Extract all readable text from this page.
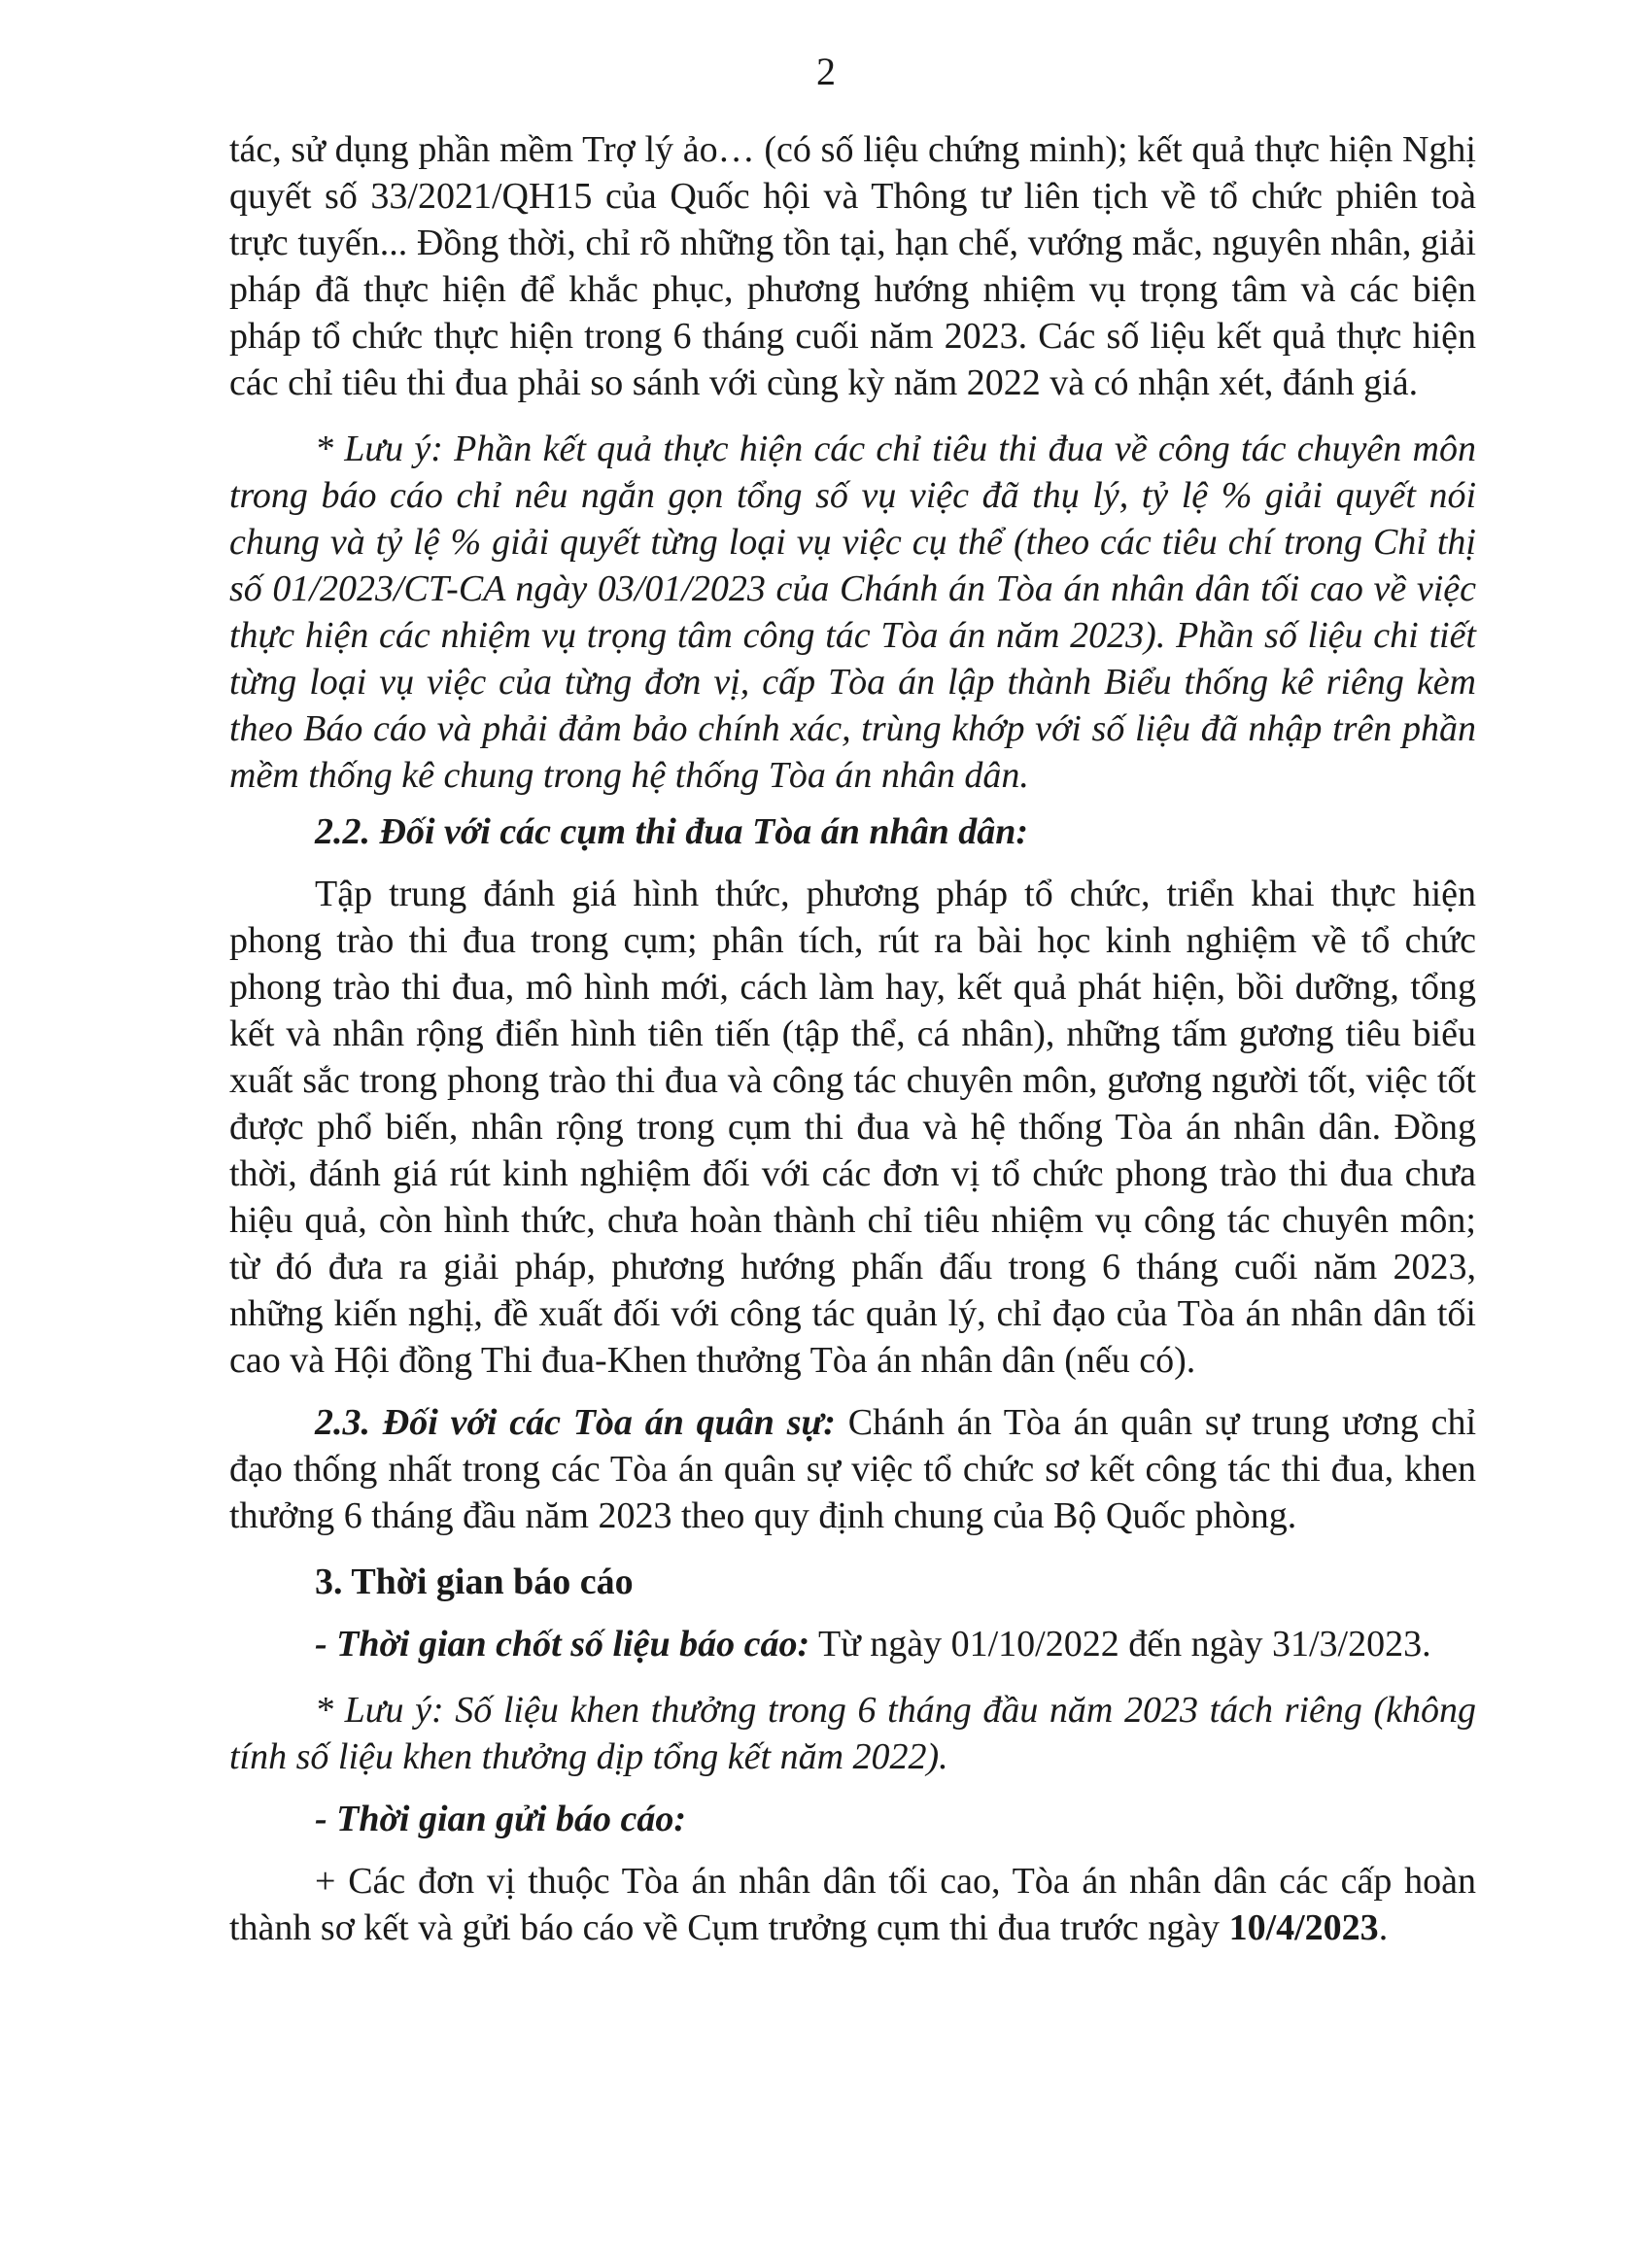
2

tác, sử dụng phần mềm Trợ lý ảo… (có số liệu chứng minh); kết quả thực hiện Nghị quyết số 33/2021/QH15 của Quốc hội và Thông tư liên tịch về tổ chức phiên toà trực tuyến... Đồng thời, chỉ rõ những tồn tại, hạn chế, vướng mắc, nguyên nhân, giải pháp đã thực hiện để khắc phục, phương hướng nhiệm vụ trọng tâm và các biện pháp tổ chức thực hiện trong 6 tháng cuối năm 2023. Các số liệu kết quả thực hiện các chỉ tiêu thi đua phải so sánh với cùng kỳ năm 2022 và có nhận xét, đánh giá.

* Lưu ý: Phần kết quả thực hiện các chỉ tiêu thi đua về công tác chuyên môn trong báo cáo chỉ nêu ngắn gọn tổng số vụ việc đã thụ lý, tỷ lệ % giải quyết nói chung và tỷ lệ % giải quyết từng loại vụ việc cụ thể (theo các tiêu chí trong Chỉ thị số 01/2023/CT-CA ngày 03/01/2023 của Chánh án Tòa án nhân dân tối cao về việc thực hiện các nhiệm vụ trọng tâm công tác Tòa án năm 2023). Phần số liệu chi tiết từng loại vụ việc của từng đơn vị, cấp Tòa án lập thành Biểu thống kê riêng kèm theo Báo cáo và phải đảm bảo chính xác, trùng khớp với số liệu đã nhập trên phần mềm thống kê chung trong hệ thống Tòa án nhân dân.

2.2. Đối với các cụm thi đua Tòa án nhân dân:

Tập trung đánh giá hình thức, phương pháp tổ chức, triển khai thực hiện phong trào thi đua trong cụm; phân tích, rút ra bài học kinh nghiệm về tổ chức phong trào thi đua, mô hình mới, cách làm hay, kết quả phát hiện, bồi dưỡng, tổng kết và nhân rộng điển hình tiên tiến (tập thể, cá nhân), những tấm gương tiêu biểu xuất sắc trong phong trào thi đua và công tác chuyên môn, gương người tốt, việc tốt được phổ biến, nhân rộng trong cụm thi đua và hệ thống Tòa án nhân dân. Đồng thời, đánh giá rút kinh nghiệm đối với các đơn vị tổ chức phong trào thi đua chưa hiệu quả, còn hình thức, chưa hoàn thành chỉ tiêu nhiệm vụ công tác chuyên môn; từ đó đưa ra giải pháp, phương hướng phấn đấu trong 6 tháng cuối năm 2023, những kiến nghị, đề xuất đối với công tác quản lý, chỉ đạo của Tòa án nhân dân tối cao và Hội đồng Thi đua-Khen thưởng Tòa án nhân dân (nếu có).

2.3. Đối với các Tòa án quân sự: Chánh án Tòa án quân sự trung ương chỉ đạo thống nhất trong các Tòa án quân sự việc tổ chức sơ kết công tác thi đua, khen thưởng 6 tháng đầu năm 2023 theo quy định chung của Bộ Quốc phòng.

3. Thời gian báo cáo

- Thời gian chốt số liệu báo cáo: Từ ngày 01/10/2022 đến ngày 31/3/2023.

* Lưu ý: Số liệu khen thưởng trong 6 tháng đầu năm 2023 tách riêng (không tính số liệu khen thưởng dịp tổng kết năm 2022).

- Thời gian gửi báo cáo:

+ Các đơn vị thuộc Tòa án nhân dân tối cao, Tòa án nhân dân các cấp hoàn thành sơ kết và gửi báo cáo về Cụm trưởng cụm thi đua trước ngày 10/4/2023.
